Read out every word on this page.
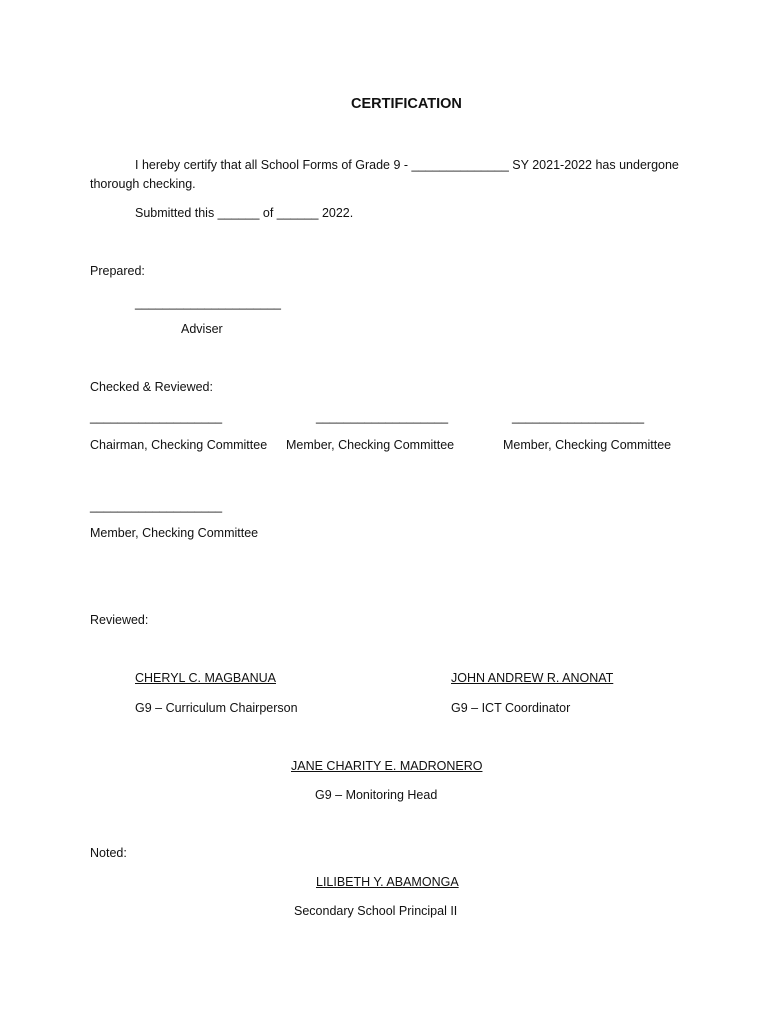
CERTIFICATION
I hereby certify that all School Forms of Grade 9 - ______________ SY 2021-2022 has undergone
thorough checking.
Submitted this ______ of ______ 2022.
Prepared:
_____________________
Adviser
Checked & Reviewed:
___________________
Chairman, Checking Committee
___________________
Member, Checking Committee
___________________
Member, Checking Committee
___________________
Member, Checking Committee
Reviewed:
CHERYL C. MAGBANUA
G9 – Curriculum Chairperson
JOHN ANDREW R. ANONAT
G9 – ICT Coordinator
JANE CHARITY E. MADRONERO
G9 – Monitoring Head
Noted:
LILIBETH Y. ABAMONGA
Secondary School Principal II
